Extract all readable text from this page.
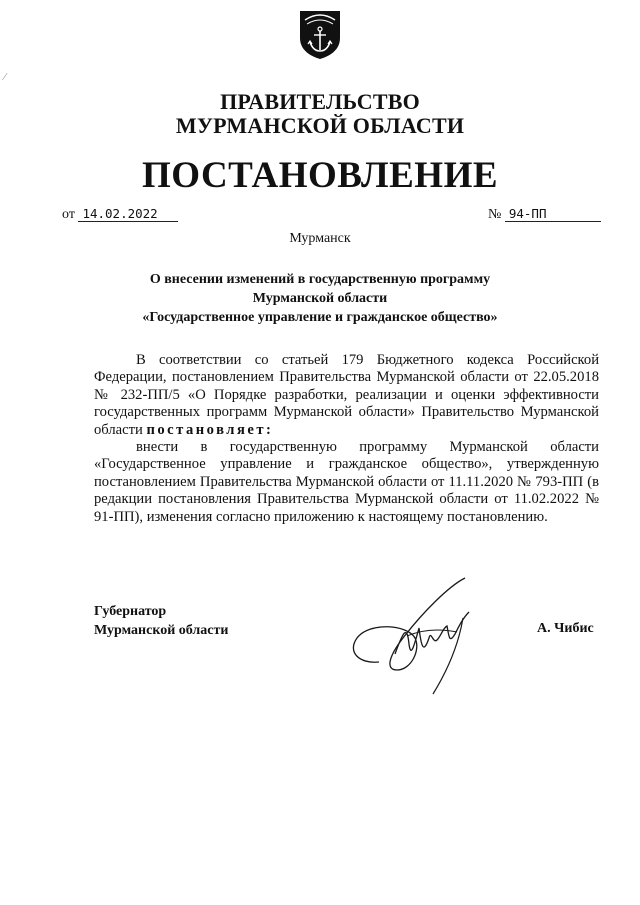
⁄
ПРАВИТЕЛЬСТВО
МУРМАНСКОЙ ОБЛАСТИ
ПОСТАНОВЛЕНИЕ
от 14.02.2022	№ 94-ПП
Мурманск
О внесении изменений в государственную программу
Мурманской области
«Государственное управление и гражданское общество»

В соответствии со статьей 179 Бюджетного кодекса Российской Федерации, постановлением Правительства Мурманской области от 22.05.2018 № 232-ПП/5 «О Порядке разработки, реализации и оценки эффективности государственных программ Мурманской области» Правительство Мурманской области постановляет:

внести в государственную программу Мурманской области «Государственное управление и гражданское общество», утвержденную постановлением Правительства Мурманской области от 11.11.2020 № 793-ПП (в редакции постановления Правительства Мурманской области от 11.02.2022 № 91-ПП), изменения согласно приложению к настоящему постановлению.

Губернатор
Мурманской области	А. Чибис
